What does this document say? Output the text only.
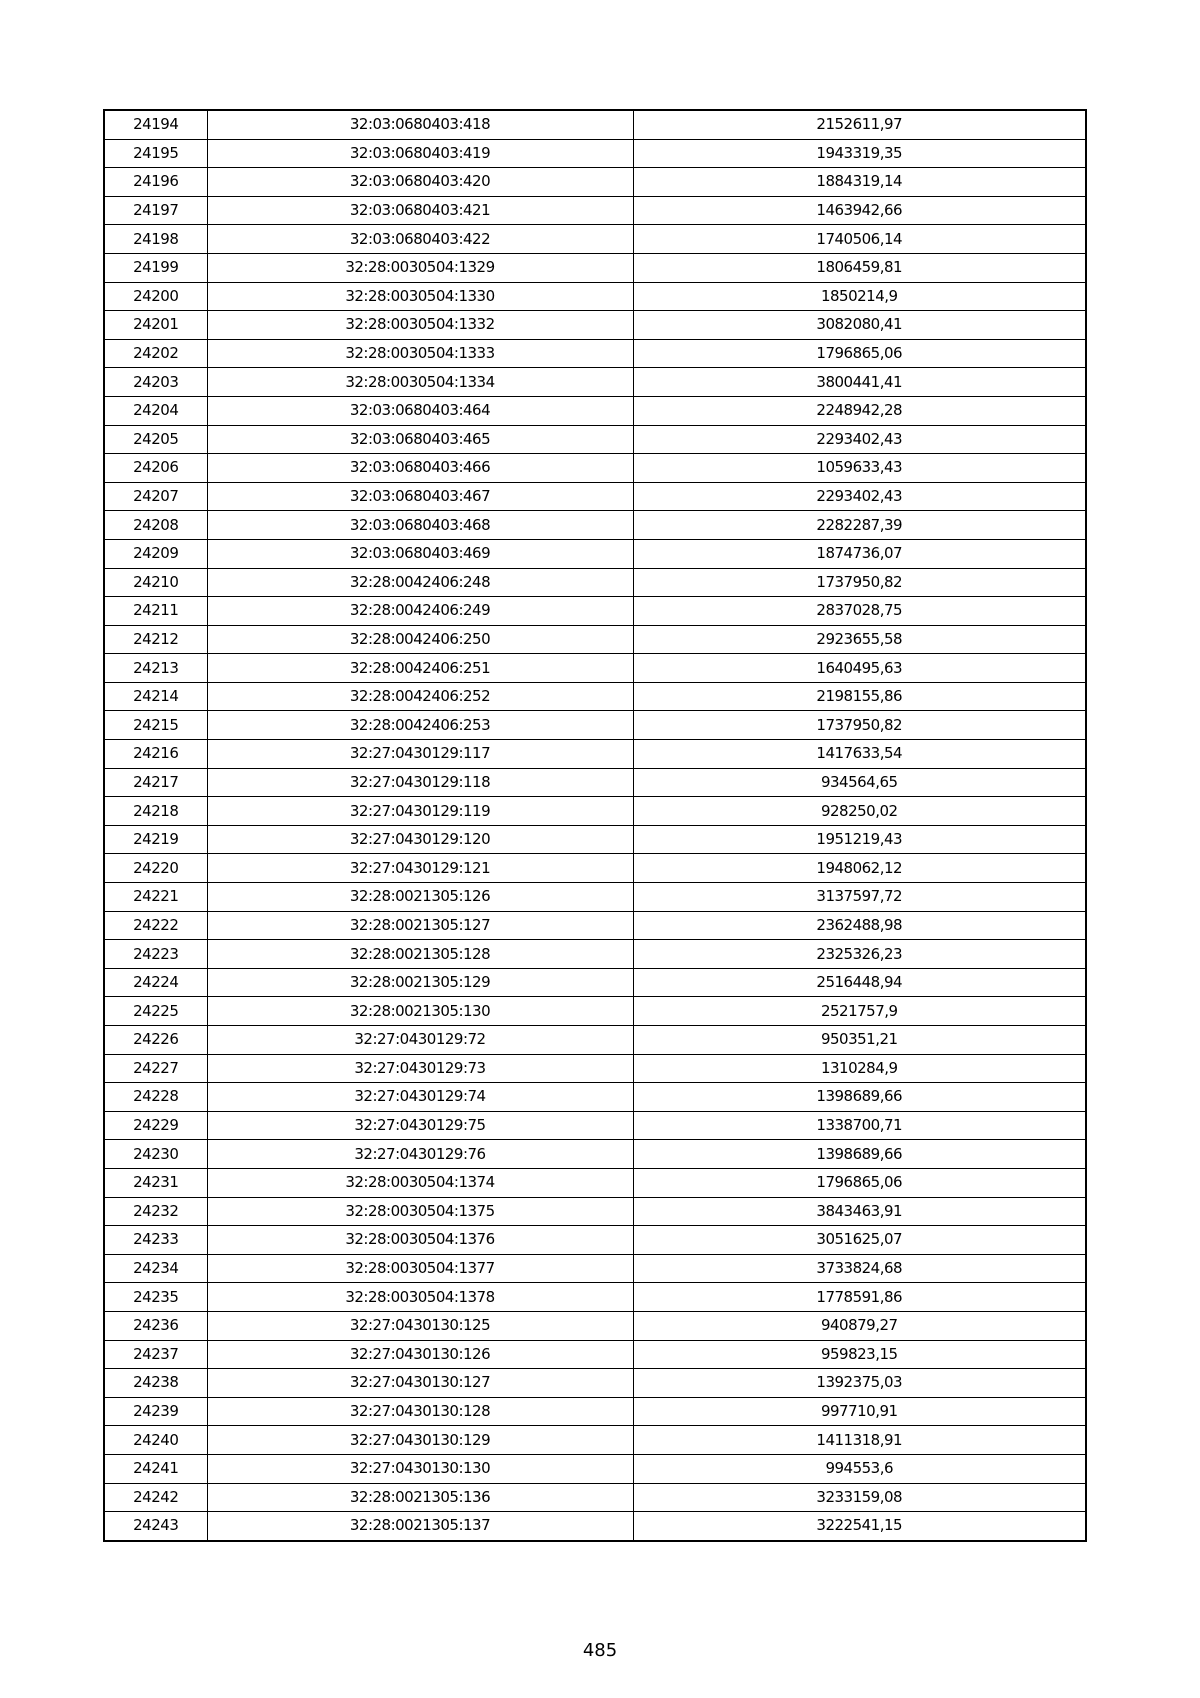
24194	32:03:0680403:418	2152611,97
24195	32:03:0680403:419	1943319,35
24196	32:03:0680403:420	1884319,14
24197	32:03:0680403:421	1463942,66
24198	32:03:0680403:422	1740506,14
24199	32:28:0030504:1329	1806459,81
24200	32:28:0030504:1330	1850214,9
24201	32:28:0030504:1332	3082080,41
24202	32:28:0030504:1333	1796865,06
24203	32:28:0030504:1334	3800441,41
24204	32:03:0680403:464	2248942,28
24205	32:03:0680403:465	2293402,43
24206	32:03:0680403:466	1059633,43
24207	32:03:0680403:467	2293402,43
24208	32:03:0680403:468	2282287,39
24209	32:03:0680403:469	1874736,07
24210	32:28:0042406:248	1737950,82
24211	32:28:0042406:249	2837028,75
24212	32:28:0042406:250	2923655,58
24213	32:28:0042406:251	1640495,63
24214	32:28:0042406:252	2198155,86
24215	32:28:0042406:253	1737950,82
24216	32:27:0430129:117	1417633,54
24217	32:27:0430129:118	934564,65
24218	32:27:0430129:119	928250,02
24219	32:27:0430129:120	1951219,43
24220	32:27:0430129:121	1948062,12
24221	32:28:0021305:126	3137597,72
24222	32:28:0021305:127	2362488,98
24223	32:28:0021305:128	2325326,23
24224	32:28:0021305:129	2516448,94
24225	32:28:0021305:130	2521757,9
24226	32:27:0430129:72	950351,21
24227	32:27:0430129:73	1310284,9
24228	32:27:0430129:74	1398689,66
24229	32:27:0430129:75	1338700,71
24230	32:27:0430129:76	1398689,66
24231	32:28:0030504:1374	1796865,06
24232	32:28:0030504:1375	3843463,91
24233	32:28:0030504:1376	3051625,07
24234	32:28:0030504:1377	3733824,68
24235	32:28:0030504:1378	1778591,86
24236	32:27:0430130:125	940879,27
24237	32:27:0430130:126	959823,15
24238	32:27:0430130:127	1392375,03
24239	32:27:0430130:128	997710,91
24240	32:27:0430130:129	1411318,91
24241	32:27:0430130:130	994553,6
24242	32:28:0021305:136	3233159,08
24243	32:28:0021305:137	3222541,15
485
